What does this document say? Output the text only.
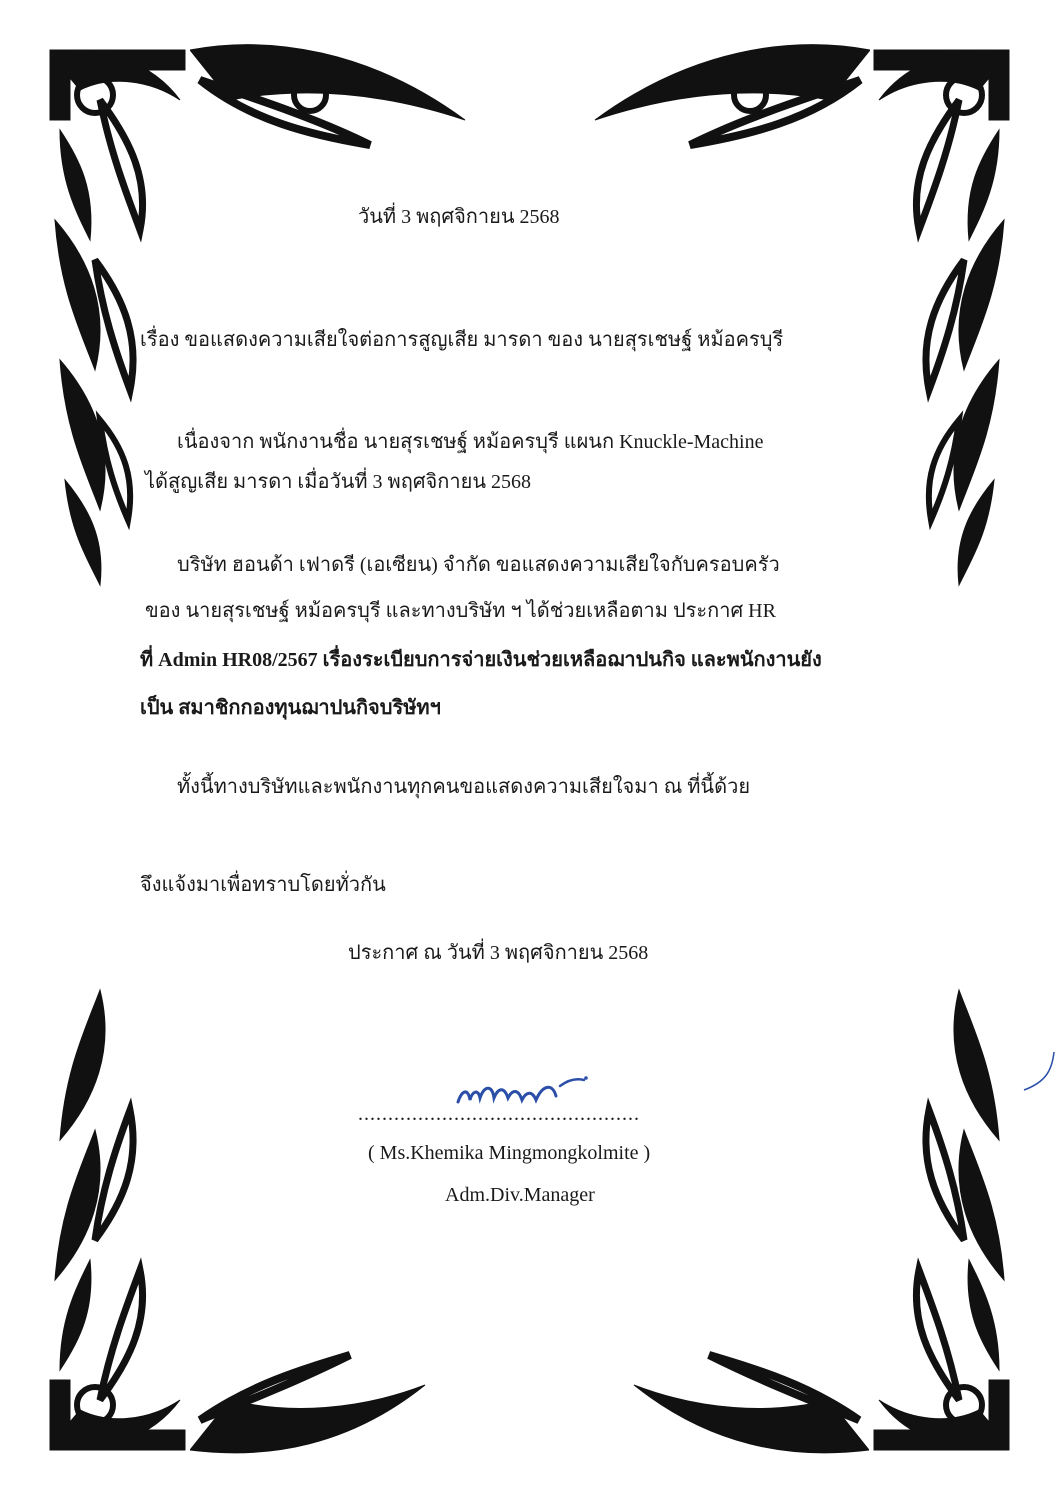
วันที่ 3 พฤศจิกายน 2568
เรื่อง ขอแสดงความเสียใจต่อการสูญเสีย มารดา ของ นายสุรเชษฐ์ หม้อครบุรี
เนื่องจาก พนักงานชื่อ นายสุรเชษฐ์ หม้อครบุรี แผนก Knuckle-Machine
ได้สูญเสีย มารดา เมื่อวันที่ 3 พฤศจิกายน 2568
บริษัท ฮอนด้า เฟาดรี (เอเซียน) จำกัด ขอแสดงความเสียใจกับครอบครัว
ของ นายสุรเชษฐ์ หม้อครบุรี และทางบริษัท ฯ ได้ช่วยเหลือตาม ประกาศ HR
ที่ Admin HR08/2567 เรื่องระเบียบการจ่ายเงินช่วยเหลือฌาปนกิจ และพนักงานยัง
เป็น สมาชิกกองทุนฌาปนกิจบริษัทฯ
ทั้งนี้ทางบริษัทและพนักงานทุกคนขอแสดงความเสียใจมา ณ ที่นี้ด้วย
จึงแจ้งมาเพื่อทราบโดยทั่วกัน
ประกาศ ณ วันที่ 3 พฤศจิกายน 2568
...............................................
( Ms.Khemika Mingmongkolmite )
Adm.Div.Manager
